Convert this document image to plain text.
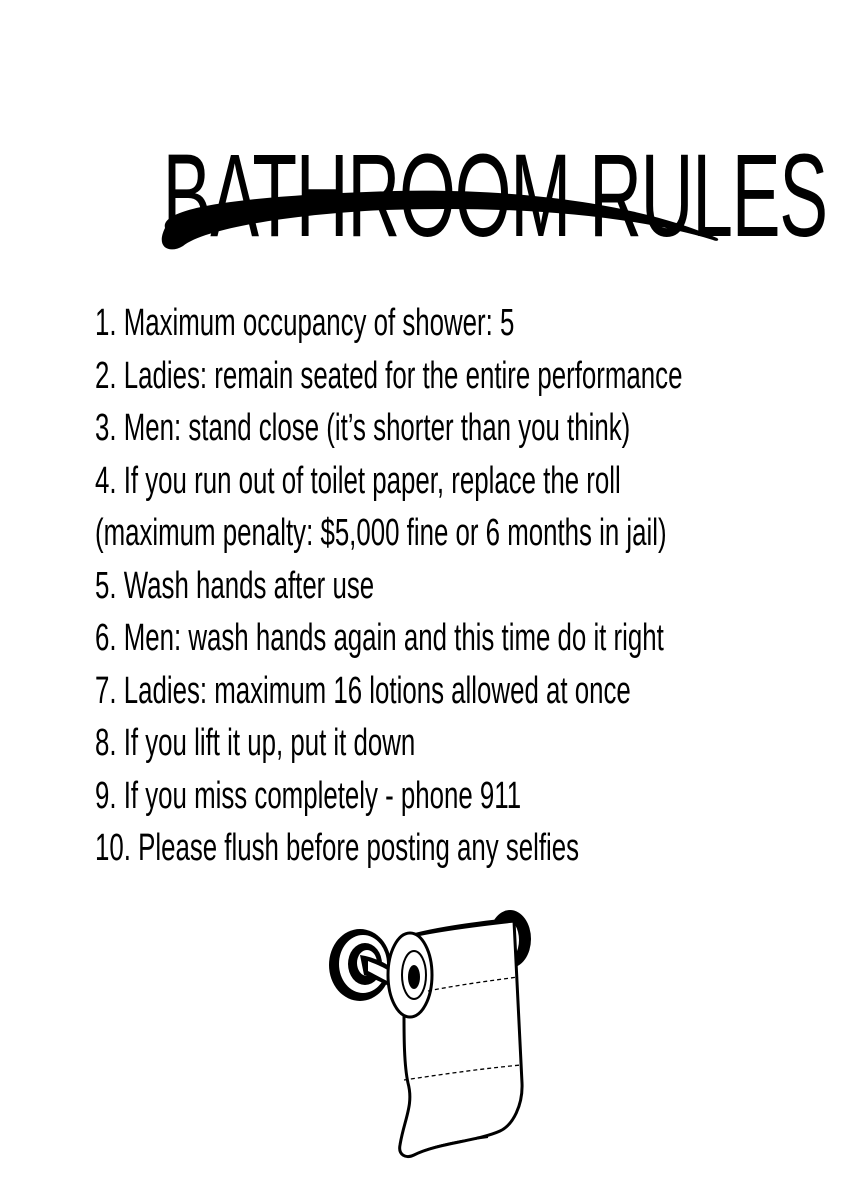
BATHROOM RULES
1. Maximum occupancy of shower: 5
2. Ladies: remain seated for the entire performance
3. Men: stand close (it’s shorter than you think)
4. If you run out of toilet paper, replace the roll
(maximum penalty: $5,000 fine or 6 months in jail)
5. Wash hands after use
6. Men: wash hands again and this time do it right
7. Ladies: maximum 16 lotions allowed at once
8. If you lift it up, put it down
9. If you miss completely - phone 911
10. Please flush before posting any selfies
